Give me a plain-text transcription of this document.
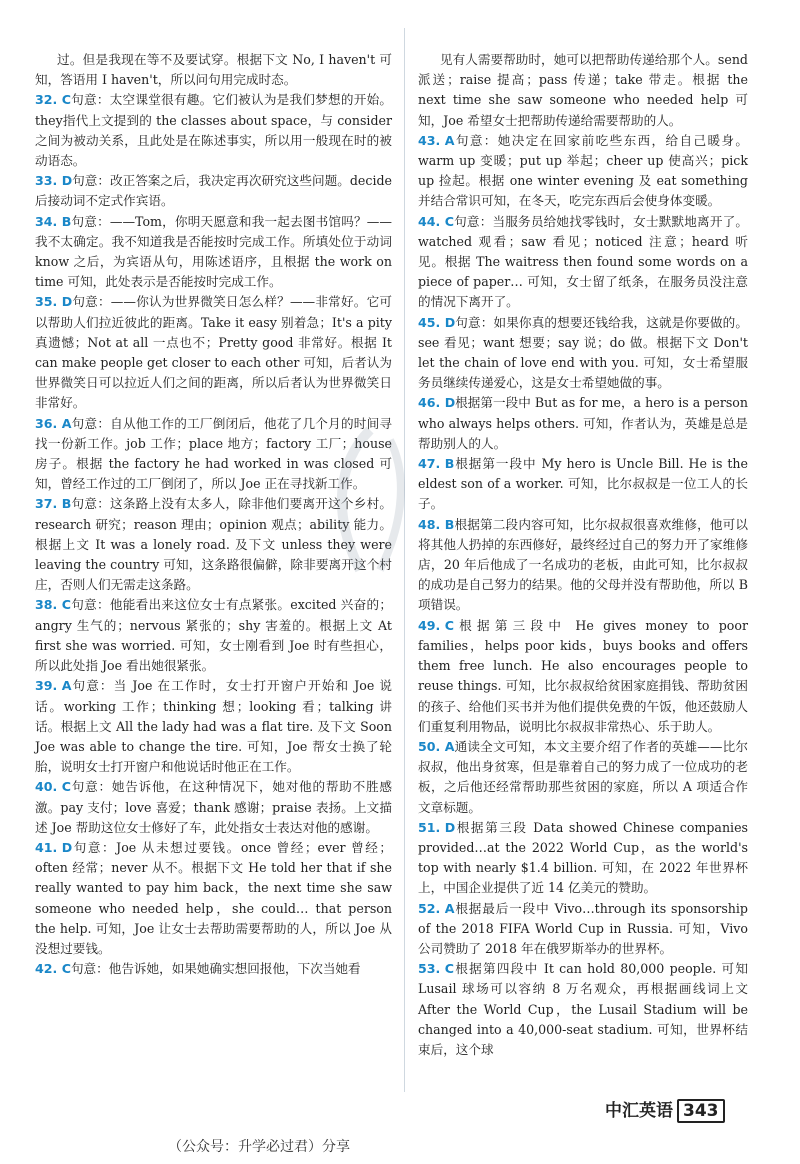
过。但是我现在等不及要试穿。根据下文 No, I haven't 可知，答语用 I haven't，所以问句用完成时态。
32. C句意：太空课堂很有趣。它们被认为是我们梦想的开始。they指代上文提到的 the classes about space，与 consider 之间为被动关系，且此处是在陈述事实，所以用一般现在时的被动语态。
33. D句意：改正答案之后，我决定再次研究这些问题。decide 后接动词不定式作宾语。
34. B句意：——Tom，你明天愿意和我一起去图书馆吗？——我不太确定。我不知道我是否能按时完成工作。所填处位于动词 know 之后，为宾语从句，用陈述语序，且根据 the work on time 可知，此处表示是否能按时完成工作。
35. D句意：——你认为世界微笑日怎么样？——非常好。它可以帮助人们拉近彼此的距离。Take it easy 别着急；It's a pity 真遗憾；Not at all 一点也不；Pretty good 非常好。根据 It can make people get closer to each other 可知，后者认为世界微笑日可以拉近人们之间的距离，所以后者认为世界微笑日非常好。
36. A句意：自从他工作的工厂倒闭后，他花了几个月的时间寻找一份新工作。job 工作；place 地方；factory 工厂；house 房子。根据 the factory he had worked in was closed 可知，曾经工作过的工厂倒闭了，所以 Joe 正在寻找新工作。
37. B句意：这条路上没有太多人，除非他们要离开这个乡村。research 研究；reason 理由；opinion 观点；ability 能力。根据上文 It was a lonely road. 及下文 unless they were leaving the country 可知，这条路很偏僻，除非要离开这个村庄，否则人们无需走这条路。
38. C句意：他能看出来这位女士有点紧张。excited 兴奋的；angry 生气的；nervous 紧张的；shy 害羞的。根据上文 At first she was worried. 可知，女士刚看到 Joe 时有些担心，所以此处指 Joe 看出她很紧张。
39. A句意：当 Joe 在工作时，女士打开窗户开始和 Joe 说话。working 工作；thinking 想；looking 看；talking 讲话。根据上文 All the lady had was a flat tire. 及下文 Soon Joe was able to change the tire. 可知，Joe 帮女士换了轮胎，说明女士打开窗户和他说话时他正在工作。
40. C句意：她告诉他，在这种情况下，她对他的帮助不胜感激。pay 支付；love 喜爱；thank 感谢；praise 表扬。上文描述 Joe 帮助这位女士修好了车，此处指女士表达对他的感谢。
41. D句意：Joe 从未想过要钱。once 曾经；ever 曾经；often 经常；never 从不。根据下文 He told her that if she really wanted to pay him back，the next time she saw someone who needed help，she could… that person the help. 可知，Joe 让女士去帮助需要帮助的人，所以 Joe 从没想过要钱。
42. C句意：他告诉她，如果她确实想回报他，下次当她看
见有人需要帮助时，她可以把帮助传递给那个人。send 派送；raise 提高；pass 传递；take 带走。根据 the next time she saw someone who needed help 可知，Joe 希望女士把帮助传递给需要帮助的人。
43. A句意：她决定在回家前吃些东西，给自己暖身。warm up 变暖；put up 举起；cheer up 使高兴；pick up 捡起。根据 one winter evening 及 eat something 并结合常识可知，在冬天，吃完东西后会使身体变暖。
44. C句意：当服务员给她找零钱时，女士默默地离开了。watched 观看；saw 看见；noticed 注意；heard 听见。根据 The waitress then found some words on a piece of paper… 可知，女士留了纸条，在服务员没注意的情况下离开了。
45. D句意：如果你真的想要还钱给我，这就是你要做的。see 看见；want 想要；say 说；do 做。根据下文 Don't let the chain of love end with you. 可知，女士希望服务员继续传递爱心，这是女士希望她做的事。
46. D根据第一段中 But as for me，a hero is a person who always helps others. 可知，作者认为，英雄是总是帮助别人的人。
47. B根据第一段中 My hero is Uncle Bill. He is the eldest son of a worker. 可知，比尔叔叔是一位工人的长子。
48. B根据第二段内容可知，比尔叔叔很喜欢维修，他可以将其他人扔掉的东西修好，最终经过自己的努力开了家维修店，20 年后他成了一名成功的老板，由此可知，比尔叔叔的成功是自己努力的结果。他的父母并没有帮助他，所以 B 项错误。
49. C根据第三段中 He gives money to poor families，helps poor kids，buys books and offers them free lunch. He also encourages people to reuse things. 可知，比尔叔叔给贫困家庭捐钱、帮助贫困的孩子、给他们买书并为他们提供免费的午饭，他还鼓励人们重复利用物品，说明比尔叔叔非常热心、乐于助人。
50. A通读全文可知，本文主要介绍了作者的英雄——比尔叔叔，他出身贫寒，但是靠着自己的努力成了一位成功的老板，之后他还经常帮助那些贫困的家庭，所以 A 项适合作文章标题。
51. D根据第三段 Data showed Chinese companies provided…at the 2022 World Cup，as the world's top with nearly $1.4 billion. 可知，在 2022 年世界杯上，中国企业提供了近 14 亿美元的赞助。
52. A根据最后一段中 Vivo…through its sponsorship of the 2018 FIFA World Cup in Russia. 可知，Vivo 公司赞助了 2018 年在俄罗斯举办的世界杯。
53. C根据第四段中 It can hold 80,000 people. 可知 Lusail 球场可以容纳 8 万名观众，再根据画线词上文 After the World Cup，the Lusail Stadium will be changed into a 40,000-seat stadium. 可知，世界杯结束后，这个球
中汇英语 343
（公众号：升学必过君）分享
